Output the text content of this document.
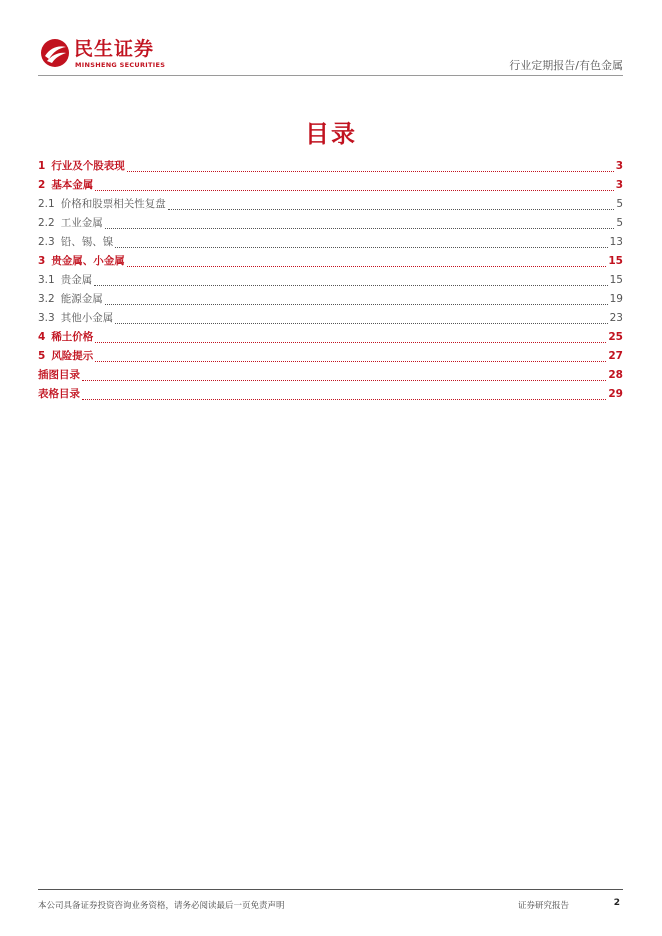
民生证券
MINSHENG SECURITIES	行业定期报告/有色金属
目录
1 行业及个股表现	3
2 基本金属	3
2.1 价格和股票相关性复盘	5
2.2 工业金属	5
2.3 铅、锡、镍	13
3 贵金属、小金属	15
3.1 贵金属	15
3.2 能源金属	19
3.3 其他小金属	23
4 稀土价格	25
5 风险提示	27
插图目录	28
表格目录	29
本公司具备证券投资咨询业务资格，请务必阅读最后一页免责声明	证券研究报告	2
